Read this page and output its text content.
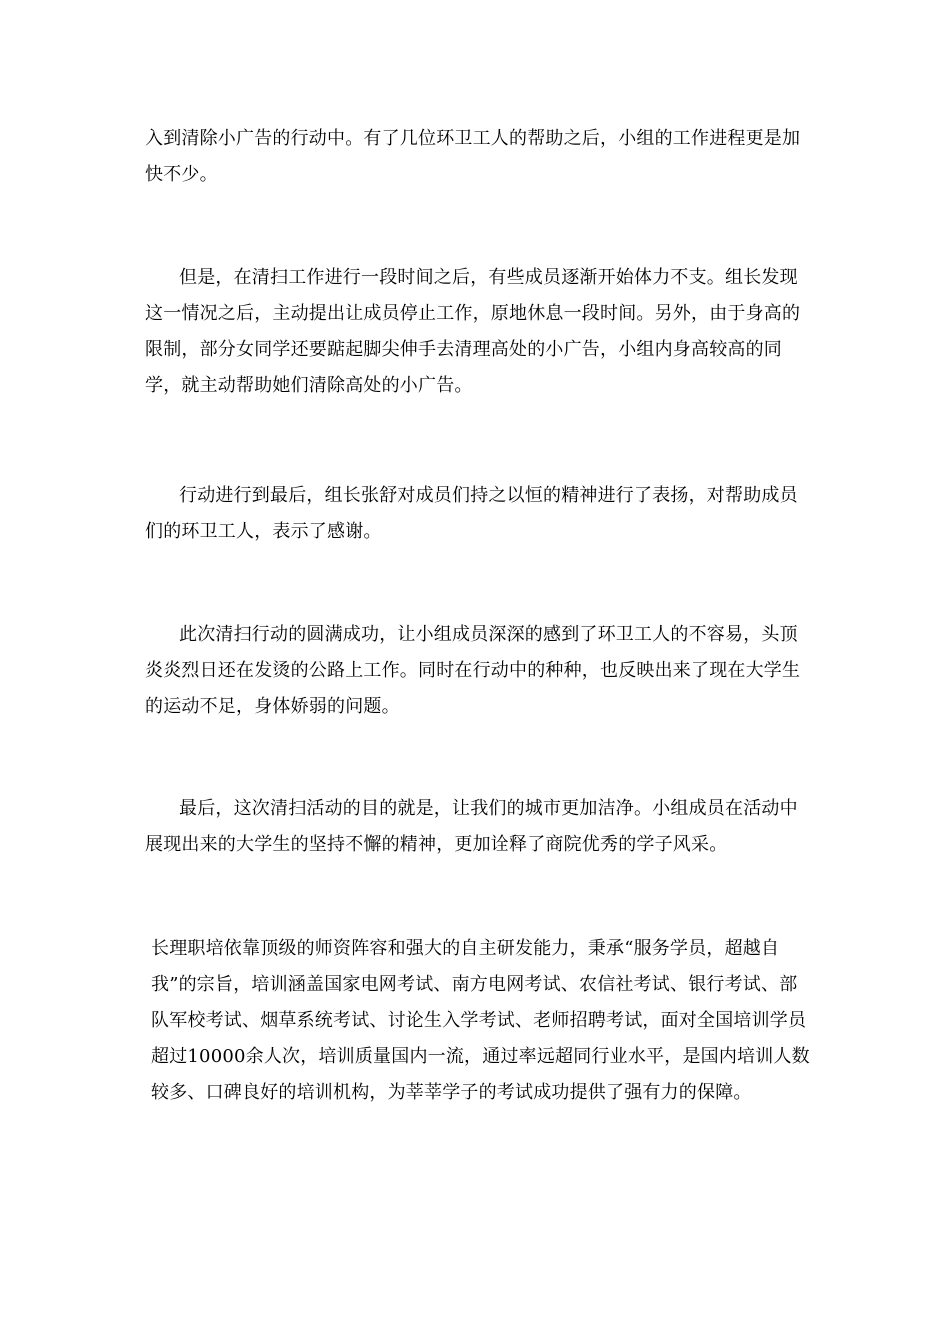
入到清除小广告的行动中。有了几位环卫工人的帮助之后，小组的工作进程更是加快不少。

但是，在清扫工作进行一段时间之后，有些成员逐渐开始体力不支。组长发现这一情况之后，主动提出让成员停止工作，原地休息一段时间。另外，由于身高的限制，部分女同学还要踮起脚尖伸手去清理高处的小广告，小组内身高较高的同学，就主动帮助她们清除高处的小广告。

行动进行到最后，组长张舒对成员们持之以恒的精神进行了表扬，对帮助成员们的环卫工人，表示了感谢。

此次清扫行动的圆满成功，让小组成员深深的感到了环卫工人的不容易，头顶炎炎烈日还在发烫的公路上工作。同时在行动中的种种，也反映出来了现在大学生的运动不足，身体娇弱的问题。

最后，这次清扫活动的目的就是，让我们的城市更加洁净。小组成员在活动中展现出来的大学生的坚持不懈的精神，更加诠释了商院优秀的学子风采。

长理职培依靠顶级的师资阵容和强大的自主研发能力，秉承“服务学员，超越自我”的宗旨，培训涵盖国家电网考试、南方电网考试、农信社考试、银行考试、部队军校考试、烟草系统考试、讨论生入学考试、老师招聘考试，面对全国培训学员超过10000余人次，培训质量国内一流，通过率远超同行业水平，是国内培训人数较多、口碑良好的培训机构，为莘莘学子的考试成功提供了强有力的保障。
